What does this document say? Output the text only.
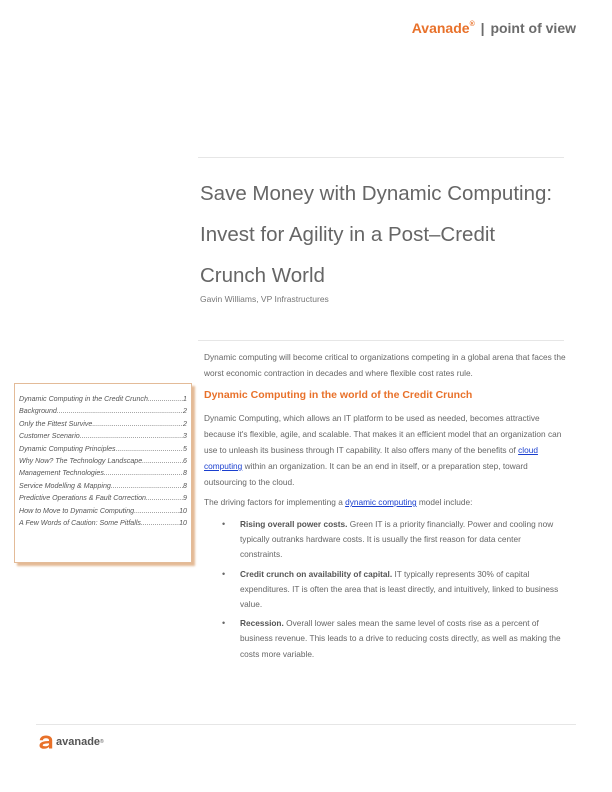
Avanade® | point of view
Save Money with Dynamic Computing:
Invest for Agility in a Post–Credit
Crunch World
Gavin Williams, VP Infrastructures
Dynamic computing will become critical to organizations competing in a global arena that faces the worst economic contraction in decades and where flexible cost rates rule.
Dynamic Computing in the Credit Crunch .....	1
Background .....	2
Only the Fittest Survive .....	2
Customer Scenario .....	3
Dynamic Computing Principles .....	5
Why Now? The Technology Landscape .....	6
Management Technologies .....	8
Service Modelling & Mapping .....	8
Predictive Operations & Fault Correction .....	9
How to Move to Dynamic Computing .....	10
A Few Words of Caution: Some Pitfalls .....	10
Dynamic Computing in the world of the Credit Crunch
Dynamic Computing, which allows an IT platform to be used as needed, becomes attractive because it's flexible, agile, and scalable. That makes it an efficient model that an organization can use to unleash its business through IT capability. It also offers many of the benefits of cloud computing within an organization. It can be an end in itself, or a preparation step, toward outsourcing to the cloud.
The driving factors for implementing a dynamic computing model include:
• Rising overall power costs. Green IT is a priority financially. Power and cooling now typically outranks hardware costs. It is usually the first reason for data center constraints.
• Credit crunch on availability of capital. IT typically represents 30% of capital expenditures. IT is often the area that is least directly, and intuitively, linked to business value.
• Recession. Overall lower sales mean the same level of costs rise as a percent of business revenue. This leads to a drive to reducing costs directly, as well as making the costs more variable.
avanade ®
